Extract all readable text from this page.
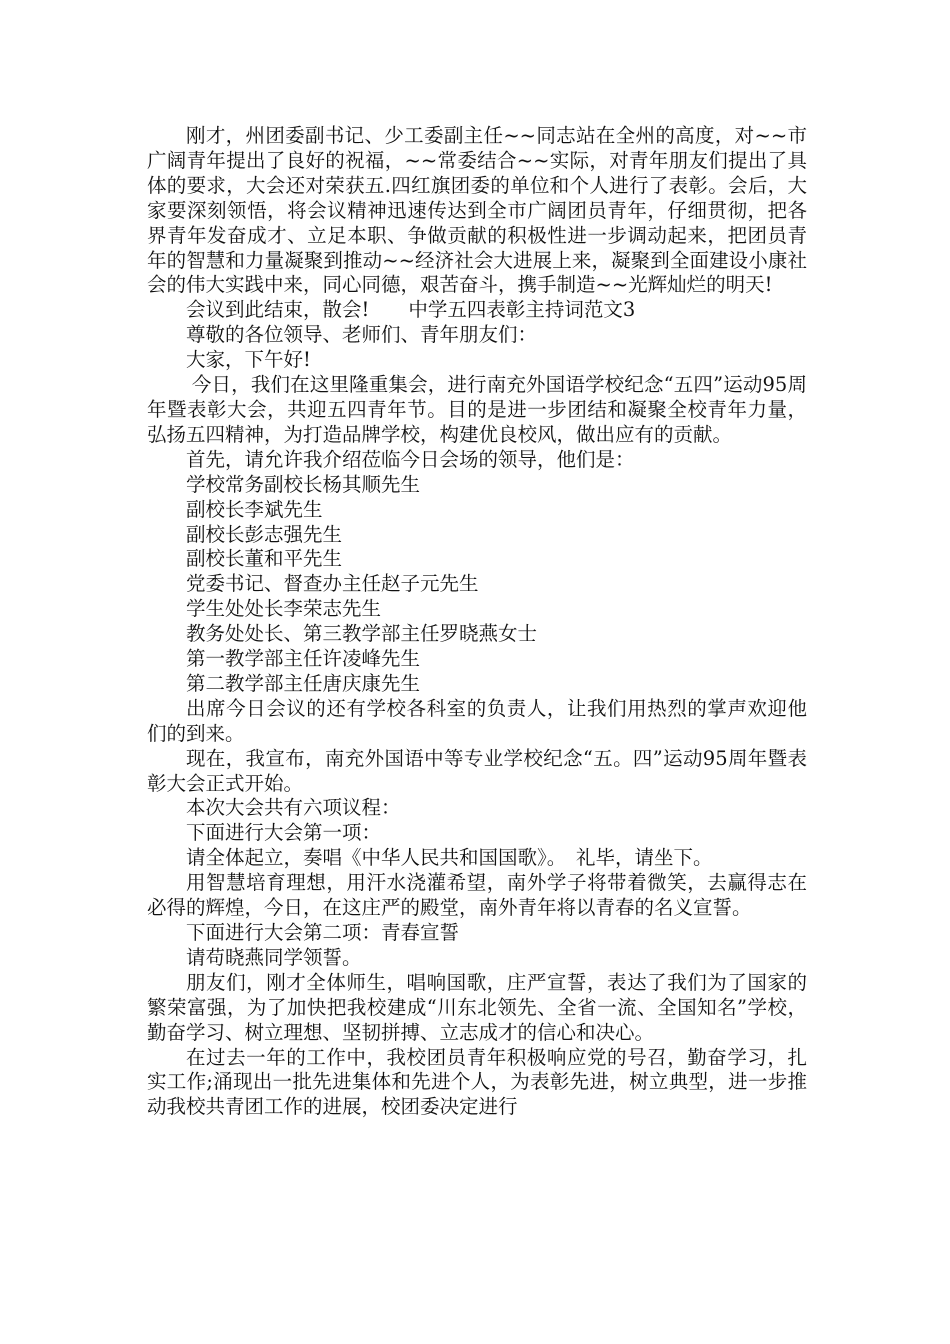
刚才，州团委副书记、少工委副主任~~同志站在全州的高度，对~~市广阔青年提出了良好的祝福，~~常委结合~~实际，对青年朋友们提出了具体的要求，大会还对荣获五.四红旗团委的单位和个人进行了表彰。会后，大家要深刻领悟，将会议精神迅速传达到全市广阔团员青年，仔细贯彻，把各界青年发奋成才、立足本职、争做贡献的积极性进一步调动起来，把团员青年的智慧和力量凝聚到推动~~经济社会大进展上来，凝聚到全面建设小康社会的伟大实践中来，同心同德，艰苦奋斗，携手制造~~光辉灿烂的明天!

会议到此结束，散会!　　中学五四表彰主持词范文3

尊敬的各位领导、老师们、青年朋友们：

大家，下午好!

今日，我们在这里隆重集会，进行南充外国语学校纪念“五四”运动95周年暨表彰大会，共迎五四青年节。目的是进一步团结和凝聚全校青年力量，弘扬五四精神，为打造品牌学校，构建优良校风，做出应有的贡献。

首先，请允许我介绍莅临今日会场的领导，他们是：

学校常务副校长杨其顺先生

副校长李斌先生

副校长彭志强先生

副校长董和平先生

党委书记、督查办主任赵子元先生

学生处处长李荣志先生

教务处处长、第三教学部主任罗晓燕女士

第一教学部主任许凌峰先生

第二教学部主任唐庆康先生

出席今日会议的还有学校各科室的负责人，让我们用热烈的掌声欢迎他们的到来。

现在，我宣布，南充外国语中等专业学校纪念“五。四”运动95周年暨表彰大会正式开始。

本次大会共有六项议程：

下面进行大会第一项：

请全体起立，奏唱《中华人民共和国国歌》。　礼毕，请坐下。

用智慧培育理想，用汗水浇灌希望，南外学子将带着微笑，去赢得志在必得的辉煌，今日，在这庄严的殿堂，南外青年将以青春的名义宣誓。

下面进行大会第二项：青春宣誓

请苟晓燕同学领誓。

朋友们，刚才全体师生，唱响国歌，庄严宣誓，表达了我们为了国家的繁荣富强，为了加快把我校建成“川东北领先、全省一流、全国知名”学校，勤奋学习、树立理想、坚韧拼搏、立志成才的信心和决心。

在过去一年的工作中，我校团员青年积极响应党的号召，勤奋学习，扎实工作;涌现出一批先进集体和先进个人，为表彰先进，树立典型，进一步推动我校共青团工作的进展，校团委决定进行
